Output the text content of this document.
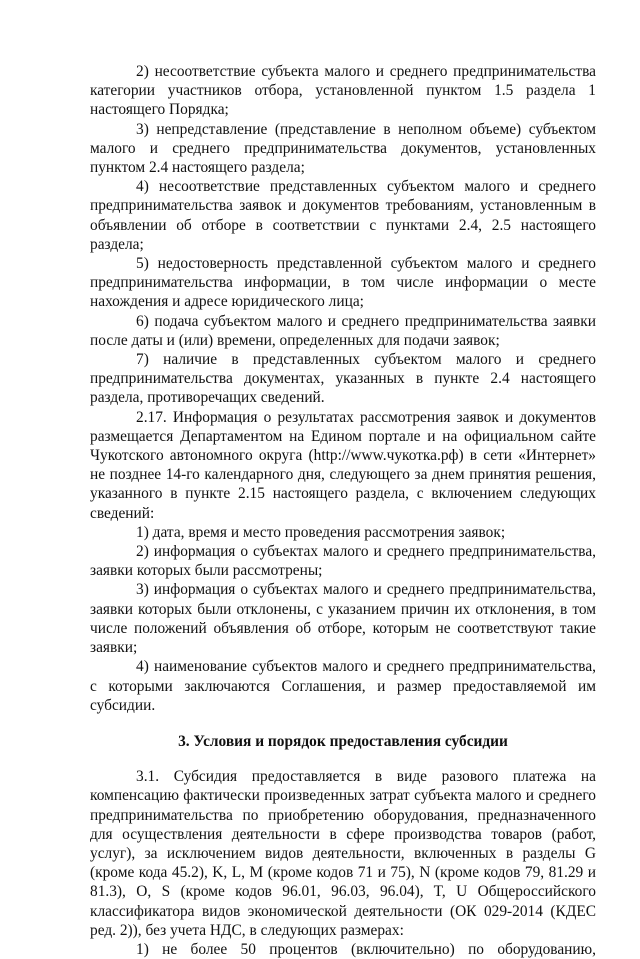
2) несоответствие субъекта малого и среднего предпринимательства категории участников отбора, установленной пунктом 1.5 раздела 1 настоящего Порядка;

3) непредставление (представление в неполном объеме) субъектом малого и среднего предпринимательства документов, установленных пунктом 2.4 настоящего раздела;

4) несоответствие представленных субъектом малого и среднего предпринимательства заявок и документов требованиям, установленным в объявлении об отборе в соответствии с пунктами 2.4, 2.5 настоящего раздела;

5) недостоверность представленной субъектом малого и среднего предпринимательства информации, в том числе информации о месте нахождения и адресе юридического лица;

6) подача субъектом малого и среднего предпринимательства заявки после даты и (или) времени, определенных для подачи заявок;

7) наличие в представленных субъектом малого и среднего предпринимательства документах, указанных в пункте 2.4 настоящего раздела, противоречащих сведений.

2.17. Информация о результатах рассмотрения заявок и документов размещается Департаментом на Едином портале и на официальном сайте Чукотского автономного округа (http://www.чукотка.рф) в сети «Интернет» не позднее 14-го календарного дня, следующего за днем принятия решения, указанного в пункте 2.15 настоящего раздела, с включением следующих сведений:

1) дата, время и место проведения рассмотрения заявок;

2) информация о субъектах малого и среднего предпринимательства, заявки которых были рассмотрены;

3) информация о субъектах малого и среднего предпринимательства, заявки которых были отклонены, с указанием причин их отклонения, в том числе положений объявления об отборе, которым не соответствуют такие заявки;

4) наименование субъектов малого и среднего предпринимательства, с которыми заключаются Соглашения, и размер предоставляемой им субсидии.

3. Условия и порядок предоставления субсидии

3.1. Субсидия предоставляется в виде разового платежа на компенсацию фактически произведенных затрат субъекта малого и среднего предпринимательства по приобретению оборудования, предназначенного для осуществления деятельности в сфере производства товаров (работ, услуг), за исключением видов деятельности, включенных в разделы G (кроме кода 45.2), K, L, M (кроме кодов 71 и 75), N (кроме кодов 79, 81.29 и 81.3), O, S (кроме кодов 96.01, 96.03, 96.04), T, U Общероссийского классификатора видов экономической деятельности (ОК 029-2014 (КДЕС ред. 2)), без учета НДС, в следующих размерах:

1) не более 50 процентов (включительно) по оборудованию,
